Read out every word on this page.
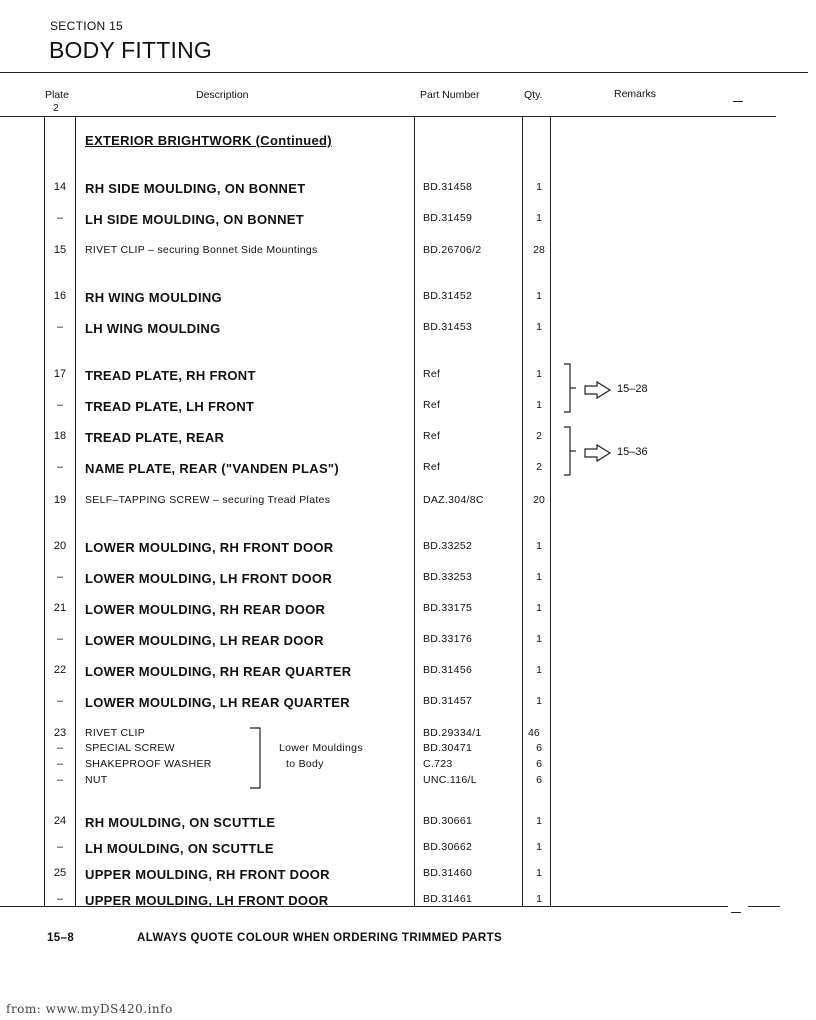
SECTION 15
BODY FITTING
Plate
2
Description	Part Number	Qty.	Remarks
EXTERIOR BRIGHTWORK (Continued)
14	RH SIDE MOULDING, ON BONNET	BD.31458	1
–	LH SIDE MOULDING, ON BONNET	BD.31459	1
15	RIVET CLIP – securing Bonnet Side Mountings	BD.26706/2	28
16	RH WING MOULDING	BD.31452	1
–	LH WING MOULDING	BD.31453	1
17	TREAD PLATE, RH FRONT	Ref	1
–	TREAD PLATE, LH FRONT	Ref	1
18	TREAD PLATE, REAR	Ref	2
–	NAME PLATE, REAR ("VANDEN PLAS")	Ref	2
19	SELF–TAPPING SCREW – securing Tread Plates	DAZ.304/8C	20
20	LOWER MOULDING, RH FRONT DOOR	BD.33252	1
–	LOWER MOULDING, LH FRONT DOOR	BD.33253	1
21	LOWER MOULDING, RH REAR DOOR	BD.33175	1
–	LOWER MOULDING, LH REAR DOOR	BD.33176	1
22	LOWER MOULDING, RH REAR QUARTER	BD.31456	1
–	LOWER MOULDING, LH REAR QUARTER	BD.31457	1
23	RIVET CLIP	BD.29334/1	46
–	SPECIAL SCREW	BD.30471	6
–	SHAKEPROOF WASHER	C.723	6
–	NUT	UNC.116/L	6
Lower Mouldings
to Body
24	RH MOULDING, ON SCUTTLE	BD.30661	1
–	LH MOULDING, ON SCUTTLE	BD.30662	1
25	UPPER MOULDING, RH FRONT DOOR	BD.31460	1
–	UPPER MOULDING, LH FRONT DOOR	BD.31461	1
15–28
15–36
15–8	ALWAYS QUOTE COLOUR WHEN ORDERING TRIMMED PARTS
from: www.myDS420.info
